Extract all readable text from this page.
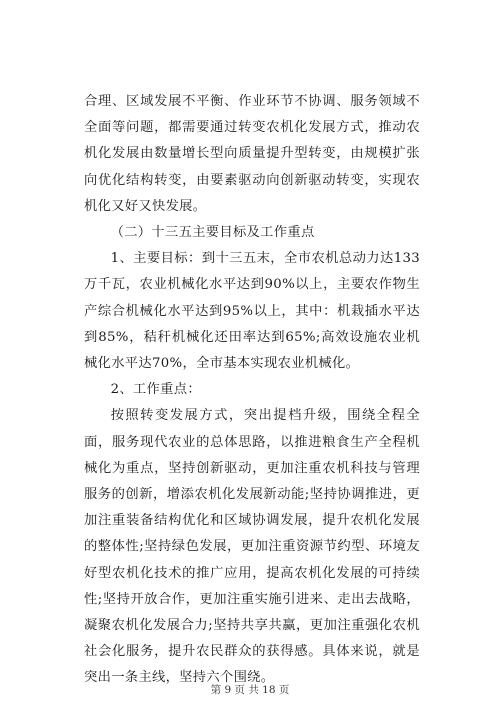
合理、区域发展不平衡、作业环节不协调、服务领域不全面等问题，都需要通过转变农机化发展方式，推动农机化发展由数量增长型向质量提升型转变，由规模扩张向优化结构转变，由要素驱动向创新驱动转变，实现农机化又好又快发展。

（二）十三五主要目标及工作重点

1、主要目标：到十三五末，全市农机总动力达133万千瓦，农业机械化水平达到90%以上，主要农作物生产综合机械化水平达到95%以上，其中：机栽插水平达到85%，秸秆机械化还田率达到65%;高效设施农业机械化水平达70%，全市基本实现农业机械化。

2、工作重点：

按照转变发展方式，突出提档升级，围绕全程全面，服务现代农业的总体思路，以推进粮食生产全程机械化为重点，坚持创新驱动，更加注重农机科技与管理服务的创新，增添农机化发展新动能;坚持协调推进，更加注重装备结构优化和区域协调发展，提升农机化发展的整体性;坚持绿色发展，更加注重资源节约型、环境友好型农机化技术的推广应用，提高农机化发展的可持续性;坚持开放合作，更加注重实施引进来、走出去战略，凝聚农机化发展合力;坚持共享共赢，更加注重强化农机社会化服务，提升农民群众的获得感。具体来说，就是突出一条主线，坚持六个围绕。

第 9 页 共 18 页
